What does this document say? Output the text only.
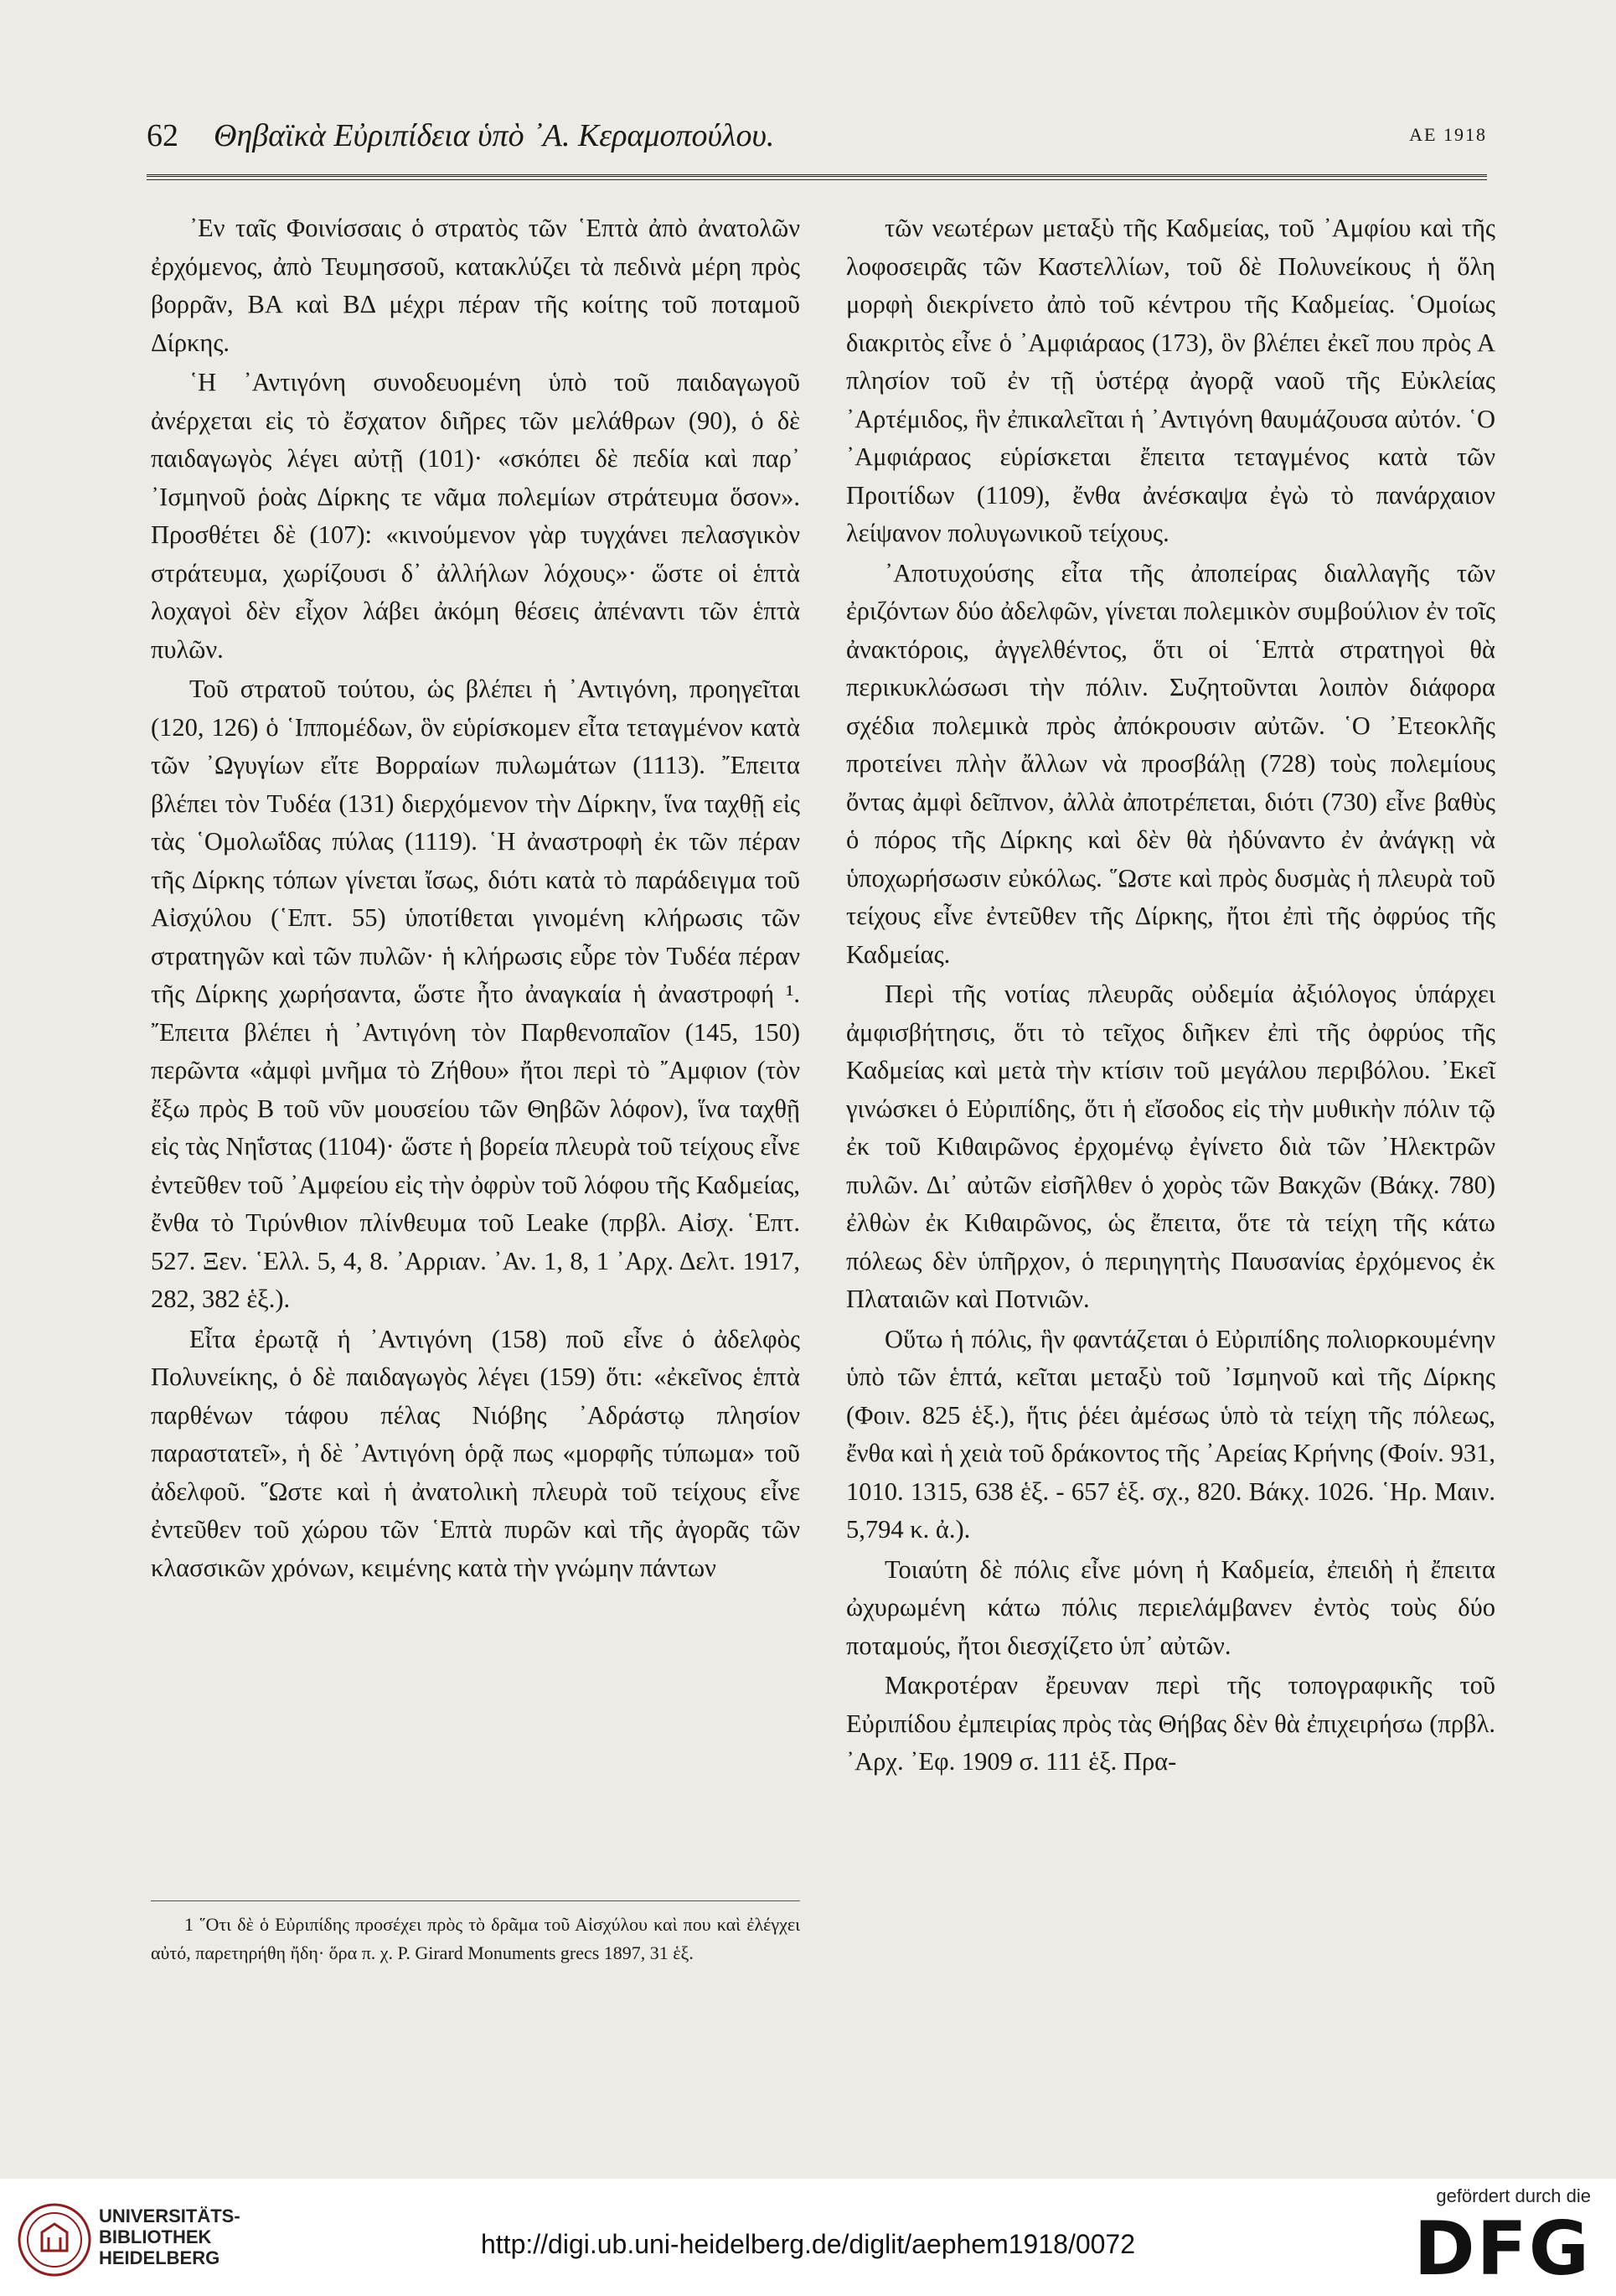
62 Θηβαϊκὰ Εὐριπίδεια ὑπὸ ᾽Α. Κεραμοπούλου.	AE 1918

᾽Εν ταῖς Φοινίσσαις ὁ στρατὸς τῶν ῾Επτὰ ἀπὸ ἀνατολῶν ἐρχόμενος, ἀπὸ Τευμησσοῦ, κατακλύζει τὰ πεδινὰ μέρη πρὸς βορρᾶν, ΒΑ καὶ ΒΔ μέχρι πέραν τῆς κοίτης τοῦ ποταμοῦ Δίρκης.

῾Η ᾽Αντιγόνη συνοδευομένη ὑπὸ τοῦ παιδαγωγοῦ ἀνέρχεται εἰς τὸ ἔσχατον διῆρες τῶν μελάθρων (90), ὁ δὲ παιδαγωγὸς λέγει αὐτῇ (101)· «σκόπει δὲ πεδία καὶ παρ᾽ ᾽Ισμηνοῦ ῥοὰς Δίρκης τε νᾶμα πολεμίων στράτευμα ὅσον». Προσθέτει δὲ (107): «κινούμενον γὰρ τυγχάνει πελασγικὸν στράτευμα, χωρίζουσι δ᾽ ἀλλήλων λόχους»· ὥστε οἱ ἑπτὰ λοχαγοὶ δὲν εἶχον λάβει ἀκόμη θέσεις ἀπέναντι τῶν ἑπτὰ πυλῶν.

Τοῦ στρατοῦ τούτου, ὡς βλέπει ἡ ᾽Αντιγόνη, προηγεῖται (120, 126) ὁ ῾Ιππομέδων, ὃν εὑρίσκομεν εἶτα τεταγμένον κατὰ τῶν ᾽Ωγυγίων εἴτε Βορραίων πυλωμάτων (1113). ῎Επειτα βλέπει τὸν Τυδέα (131) διερχόμενον τὴν Δίρκην, ἵνα ταχθῇ εἰς τὰς ῾Ομολωΐδας πύλας (1119). ῾Η ἀναστροφὴ ἐκ τῶν πέραν τῆς Δίρκης τόπων γίνεται ἴσως, διότι κατὰ τὸ παράδειγμα τοῦ Αἰσχύλου (῾Επτ. 55) ὑποτίθεται γινομένη κλήρωσις τῶν στρατηγῶν καὶ τῶν πυλῶν· ἡ κλήρωσις εὗρε τὸν Τυδέα πέραν τῆς Δίρκης χωρήσαντα, ὥστε ἦτο ἀναγκαία ἡ ἀναστροφή ¹. ῎Επειτα βλέπει ἡ ᾽Αντιγόνη τὸν Παρθενοπαῖον (145, 150) περῶντα «ἀμφὶ μνῆμα τὸ Ζήθου» ἤτοι περὶ τὸ ῎Αμφιον (τὸν ἔξω πρὸς Β τοῦ νῦν μουσείου τῶν Θηβῶν λόφον), ἵνα ταχθῇ εἰς τὰς Νηΐστας (1104)· ὥστε ἡ βορεία πλευρὰ τοῦ τείχους εἶνε ἐντεῦθεν τοῦ ᾽Αμφείου εἰς τὴν ὀφρὺν τοῦ λόφου τῆς Καδμείας, ἔνθα τὸ Τιρύνθιον πλίνθευμα τοῦ Leake (πρβλ. Αἰσχ. ῾Επτ. 527. Ξεν. ῾Ελλ. 5, 4, 8. ᾽Αρριαν. ᾽Αν. 1, 8, 1 ᾽Αρχ. Δελτ. 1917, 282, 382 ἑξ.).

Εἶτα ἐρωτᾷ ἡ ᾽Αντιγόνη (158) ποῦ εἶνε ὁ ἀδελφὸς Πολυνείκης, ὁ δὲ παιδαγωγὸς λέγει (159) ὅτι: «ἐκεῖνος ἑπτὰ παρθένων τάφου πέλας Νιόβης ᾽Αδράστῳ πλησίον παραστατεῖ», ἡ δὲ ᾽Αντιγόνη ὁρᾷ πως «μορφῆς τύπωμα» τοῦ ἀδελφοῦ. ῞Ωστε καὶ ἡ ἀνατολικὴ πλευρὰ τοῦ τείχους εἶνε ἐντεῦθεν τοῦ χώρου τῶν ῾Επτὰ πυρῶν καὶ τῆς ἀγορᾶς τῶν κλασσικῶν χρόνων, κειμένης κατὰ τὴν γνώμην πάντων

1 ῞Οτι δὲ ὁ Εὐριπίδης προσέχει πρὸς τὸ δρᾶμα τοῦ Αἰσχύλου καὶ που καὶ ἐλέγχει αὐτό, παρετηρήθη ἤδη· ὅρα π. χ. P. Girard Monuments grecs 1897, 31 ἑξ.

τῶν νεωτέρων μεταξὺ τῆς Καδμείας, τοῦ ᾽Αμφίου καὶ τῆς λοφοσειρᾶς τῶν Καστελλίων, τοῦ δὲ Πολυνείκους ἡ ὅλη μορφὴ διεκρίνετο ἀπὸ τοῦ κέντρου τῆς Καδμείας. ῾Ομοίως διακριτὸς εἶνε ὁ ᾽Αμφιάραος (173), ὃν βλέπει ἐκεῖ που πρὸς Α πλησίον τοῦ ἐν τῇ ὑστέρᾳ ἀγορᾷ ναοῦ τῆς Εὐκλείας ᾽Αρτέμιδος, ἣν ἐπικαλεῖται ἡ ᾽Αντιγόνη θαυμάζουσα αὐτόν. ῾Ο ᾽Αμφιάραος εὑρίσκεται ἔπειτα τεταγμένος κατὰ τῶν Προιτίδων (1109), ἔνθα ἀνέσκαψα ἐγὼ τὸ πανάρχαιον λείψανον πολυγωνικοῦ τείχους.

᾽Αποτυχούσης εἶτα τῆς ἀποπείρας διαλλαγῆς τῶν ἐριζόντων δύο ἀδελφῶν, γίνεται πολεμικὸν συμβούλιον ἐν τοῖς ἀνακτόροις, ἀγγελθέντος, ὅτι οἱ ῾Επτὰ στρατηγοὶ θὰ περικυκλώσωσι τὴν πόλιν. Συζητοῦνται λοιπὸν διάφορα σχέδια πολεμικὰ πρὸς ἀπόκρουσιν αὐτῶν. ῾Ο ᾽Ετεοκλῆς προτείνει πλὴν ἄλλων νὰ προσβάλῃ (728) τοὺς πολεμίους ὄντας ἀμφὶ δεῖπνον, ἀλλὰ ἀποτρέπεται, διότι (730) εἶνε βαθὺς ὁ πόρος τῆς Δίρκης καὶ δὲν θὰ ἠδύναντο ἐν ἀνάγκῃ νὰ ὑποχωρήσωσιν εὐκόλως. ῞Ωστε καὶ πρὸς δυσμὰς ἡ πλευρὰ τοῦ τείχους εἶνε ἐντεῦθεν τῆς Δίρκης, ἤτοι ἐπὶ τῆς ὀφρύος τῆς Καδμείας.

Περὶ τῆς νοτίας πλευρᾶς οὐδεμία ἀξιόλογος ὑπάρχει ἀμφισβήτησις, ὅτι τὸ τεῖχος διῆκεν ἐπὶ τῆς ὀφρύος τῆς Καδμείας καὶ μετὰ τὴν κτίσιν τοῦ μεγάλου περιβόλου. ᾽Εκεῖ γινώσκει ὁ Εὐριπίδης, ὅτι ἡ εἴσοδος εἰς τὴν μυθικὴν πόλιν τῷ ἐκ τοῦ Κιθαιρῶνος ἐρχομένῳ ἐγίνετο διὰ τῶν ᾽Ηλεκτρῶν πυλῶν. Δι᾽ αὐτῶν εἰσῆλθεν ὁ χορὸς τῶν Βακχῶν (Βάκχ. 780) ἐλθὼν ἐκ Κιθαιρῶνος, ὡς ἔπειτα, ὅτε τὰ τείχη τῆς κάτω πόλεως δὲν ὑπῆρχον, ὁ περιηγητὴς Παυσανίας ἐρχόμενος ἐκ Πλαταιῶν καὶ Ποτνιῶν.

Οὕτω ἡ πόλις, ἣν φαντάζεται ὁ Εὐριπίδης πολιορκουμένην ὑπὸ τῶν ἑπτά, κεῖται μεταξὺ τοῦ ᾽Ισμηνοῦ καὶ τῆς Δίρκης (Φοιν. 825 ἑξ.), ἥτις ῥέει ἀμέσως ὑπὸ τὰ τείχη τῆς πόλεως, ἔνθα καὶ ἡ χειὰ τοῦ δράκοντος τῆς ᾽Αρείας Κρήνης (Φοίν. 931, 1010. 1315, 638 ἑξ. - 657 ἑξ. σχ., 820. Βάκχ. 1026. ῾Ηρ. Μαιν. 5,794 κ. ἀ.).

Τοιαύτη δὲ πόλις εἶνε μόνη ἡ Καδμεία, ἐπειδὴ ἡ ἔπειτα ὠχυρωμένη κάτω πόλις περιελάμβανεν ἐντὸς τοὺς δύο ποταμούς, ἤτοι διεσχίζετο ὑπ᾽ αὐτῶν.

Μακροτέραν ἔρευναν περὶ τῆς τοπογραφικῆς τοῦ Εὐριπίδου ἐμπειρίας πρὸς τὰς Θήβας δὲν θὰ ἐπιχειρήσω (πρβλ. ᾽Αρχ. ᾽Εφ. 1909 σ. 111 ἑξ. Πρα-

UNIVERSITÄTS-
BIBLIOTHEK
HEIDELBERG	http://digi.ub.uni-heidelberg.de/diglit/aephem1918/0072
gefördert durch die
DFG
